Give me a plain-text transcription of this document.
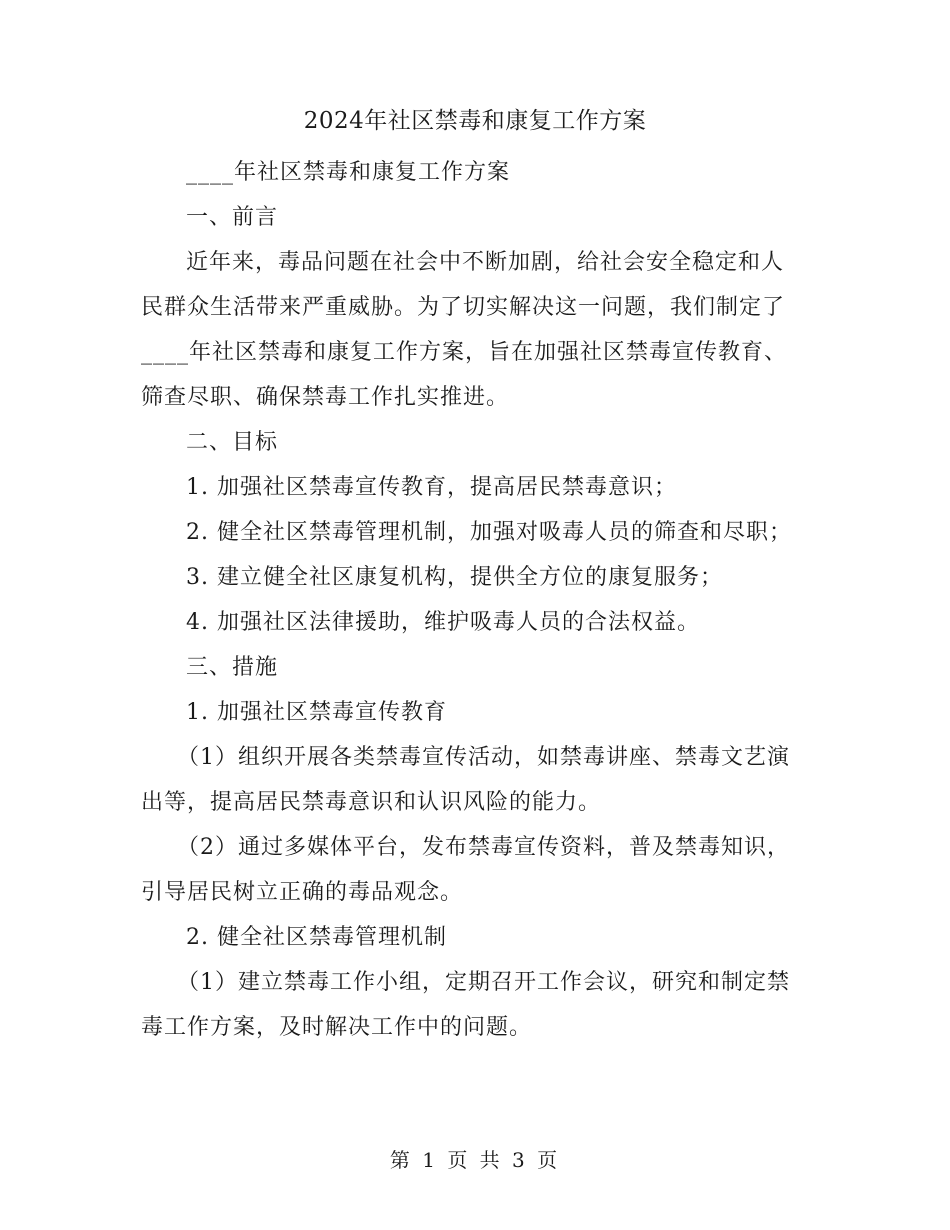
2024年社区禁毒和康复工作方案
____年社区禁毒和康复工作方案
一、前言
近年来，毒品问题在社会中不断加剧，给社会安全稳定和人
民群众生活带来严重威胁。为了切实解决这一问题，我们制定了
____年社区禁毒和康复工作方案，旨在加强社区禁毒宣传教育、
筛查尽职、确保禁毒工作扎实推进。
二、目标
1. 加强社区禁毒宣传教育，提高居民禁毒意识；
2. 健全社区禁毒管理机制，加强对吸毒人员的筛查和尽职；
3. 建立健全社区康复机构，提供全方位的康复服务；
4. 加强社区法律援助，维护吸毒人员的合法权益。
三、措施
1. 加强社区禁毒宣传教育
（1）组织开展各类禁毒宣传活动，如禁毒讲座、禁毒文艺演
出等，提高居民禁毒意识和认识风险的能力。
（2）通过多媒体平台，发布禁毒宣传资料，普及禁毒知识，
引导居民树立正确的毒品观念。
2. 健全社区禁毒管理机制
（1）建立禁毒工作小组，定期召开工作会议，研究和制定禁
毒工作方案，及时解决工作中的问题。
第 1 页 共 3 页
